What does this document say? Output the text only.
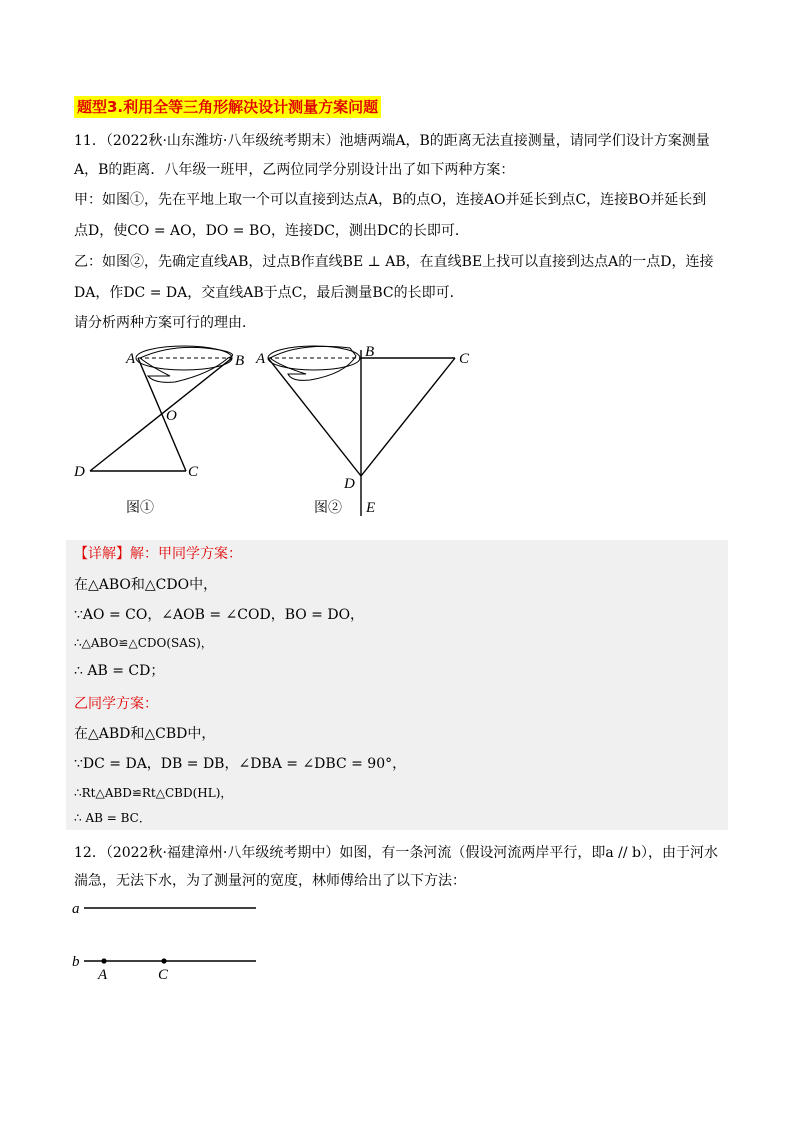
题型3.利用全等三角形解决设计测量方案问题
11．（2022秋·山东潍坊·八年级统考期末）池塘两端A，B的距离无法直接测量，请同学们设计方案测量
A，B的距离．八年级一班甲，乙两位同学分别设计出了如下两种方案：
甲：如图①，先在平地上取一个可以直接到达点A，B的点O，连接AO并延长到点C，连接BO并延长到
点D，使CO = AO，DO = BO，连接DC，测出DC的长即可．
乙：如图②，先确定直线AB，过点B作直线BE ⊥ AB，在直线BE上找可以直接到达点A的一点D，连接
DA，作DC = DA，交直线AB于点C，最后测量BC的长即可．
请分析两种方案可行的理由．
A	B
O
D	C
图①
A	B	C
D
E
图②
【详解】解：甲同学方案：
在△ABO和△CDO中，
∵AO = CO，∠AOB = ∠COD，BO = DO，
∴△ABO≌△CDO(SAS)，
∴ AB = CD；
乙同学方案：
在△ABD和△CBD中，
∵DC = DA，DB = DB，∠DBA = ∠DBC = 90°，
∴Rt△ABD≌Rt△CBD(HL)，
∴ AB = BC．
12．（2022秋·福建漳州·八年级统考期中）如图，有一条河流（假设河流两岸平行，即a // b），由于河水
湍急，无法下水，为了测量河的宽度，林师傅给出了以下方法：
a
b
A	C
